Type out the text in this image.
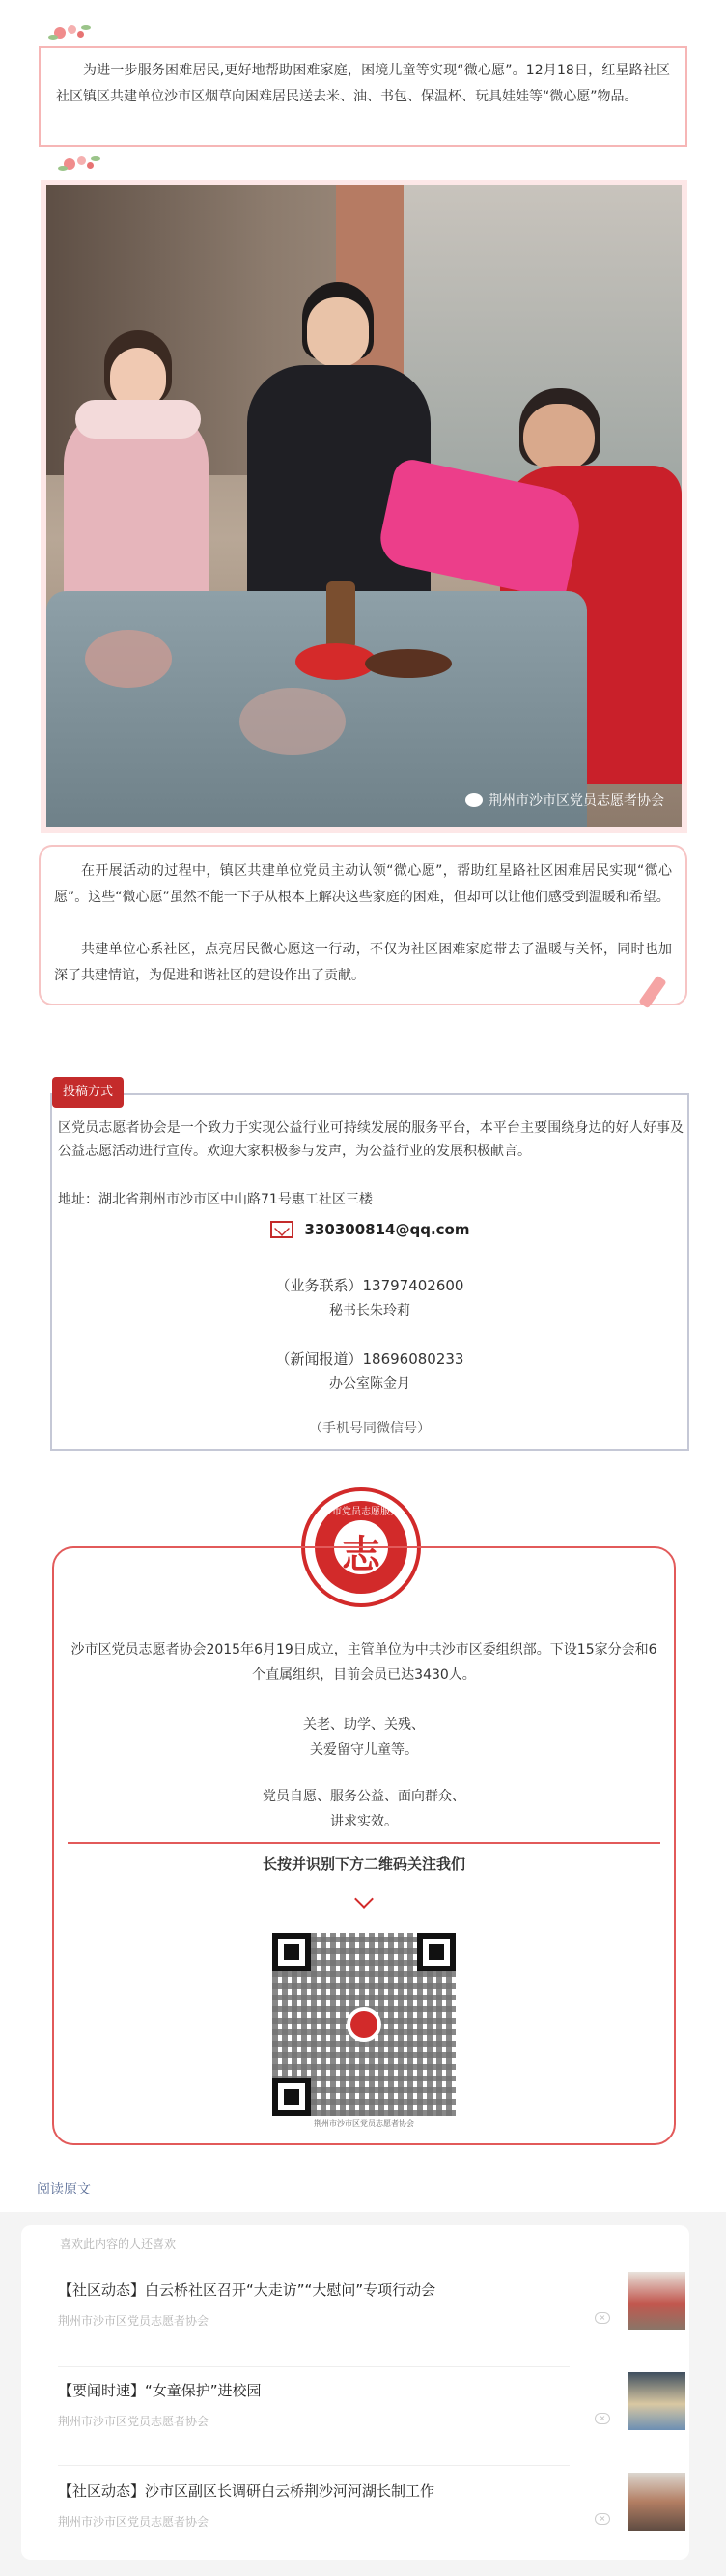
为进一步服务困难居民,更好地帮助困难家庭，困境儿童等实现“微心愿”。12月18日，红星路社区社区镇区共建单位沙市区烟草向困难居民送去米、油、书包、保温杯、玩具娃娃等“微心愿”物品。

荆州市沙市区党员志愿者协会

在开展活动的过程中，镇区共建单位党员主动认领“微心愿”，帮助红星路社区困难居民实现“微心愿”。这些“微心愿”虽然不能一下子从根本上解决这些家庭的困难，但却可以让他们感受到温暖和希望。

共建单位心系社区，点亮居民微心愿这一行动，不仅为社区困难家庭带去了温暖与关怀，同时也加深了共建情谊，为促进和谐社区的建设作出了贡献。

区党员志愿者协会是一个致力于实现公益行业可持续发展的服务平台，本平台主要围绕身边的好人好事及公益志愿活动进行宣传。欢迎大家积极参与发声，为公益行业的发展积极献言。

地址：湖北省荆州市沙市区中山路71号惠工社区三楼

330300814@qq.com

（业务联系）13797402600

秘书长朱玲莉

（新闻报道）18696080233

办公室陈金月

（手机号同微信号）

投稿方式
志
沙市党员志愿服务

沙市区党员志愿者协会2015年6月19日成立，主管单位为中共沙市区委组织部。下设15家分会和6个直属组织，目前会员已达3430人。

关老、助学、关残、

关爱留守儿童等。

党员自愿、服务公益、面向群众、

讲求实效。

长按并识别下方二维码关注我们

荆州市沙市区党员志愿者协会

阅读原文

喜欢此内容的人还喜欢

【社区动态】白云桥社区召开“大走访”“大慰问”专项行动会

荆州市沙市区党员志愿者协会	×

【要闻时速】“女童保护”进校园

荆州市沙市区党员志愿者协会	×

【社区动态】沙市区副区长调研白云桥荆沙河河湖长制工作

荆州市沙市区党员志愿者协会	×
